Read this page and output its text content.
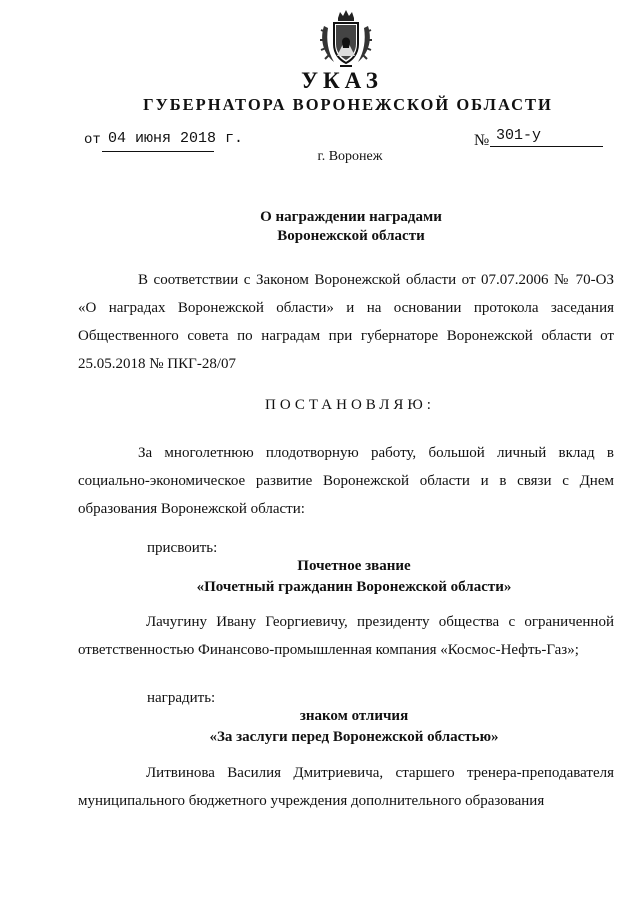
УКАЗ
ГУБЕРНАТОРА ВОРОНЕЖСКОЙ ОБЛАСТИ
от 04 июня 2018 г.	№ 301-у
г. Воронеж
О награждении наградами
Воронежской области
В соответствии с Законом Воронежской области от 07.07.2006 № 70-ОЗ «О наградах Воронежской области» и на основании протокола заседания Общественного совета по наградам при губернаторе Воронежской области от 25.05.2018 № ПКГ-28/07
ПОСТАНОВЛЯЮ:
За многолетнюю плодотворную работу, большой личный вклад в социально-экономическое развитие Воронежской области и в связи с Днем образования Воронежской области:
присвоить:
Почетное звание
«Почетный гражданин Воронежской области»
Лачугину Ивану Георгиевичу, президенту общества с ограниченной ответственностью Финансово-промышленная компания «Космос-Нефть-Газ»;
наградить:
знаком отличия
«За заслуги перед Воронежской областью»
Литвинова Василия Дмитриевича, старшего тренера-преподавателя муниципального бюджетного учреждения дополнительного образования
